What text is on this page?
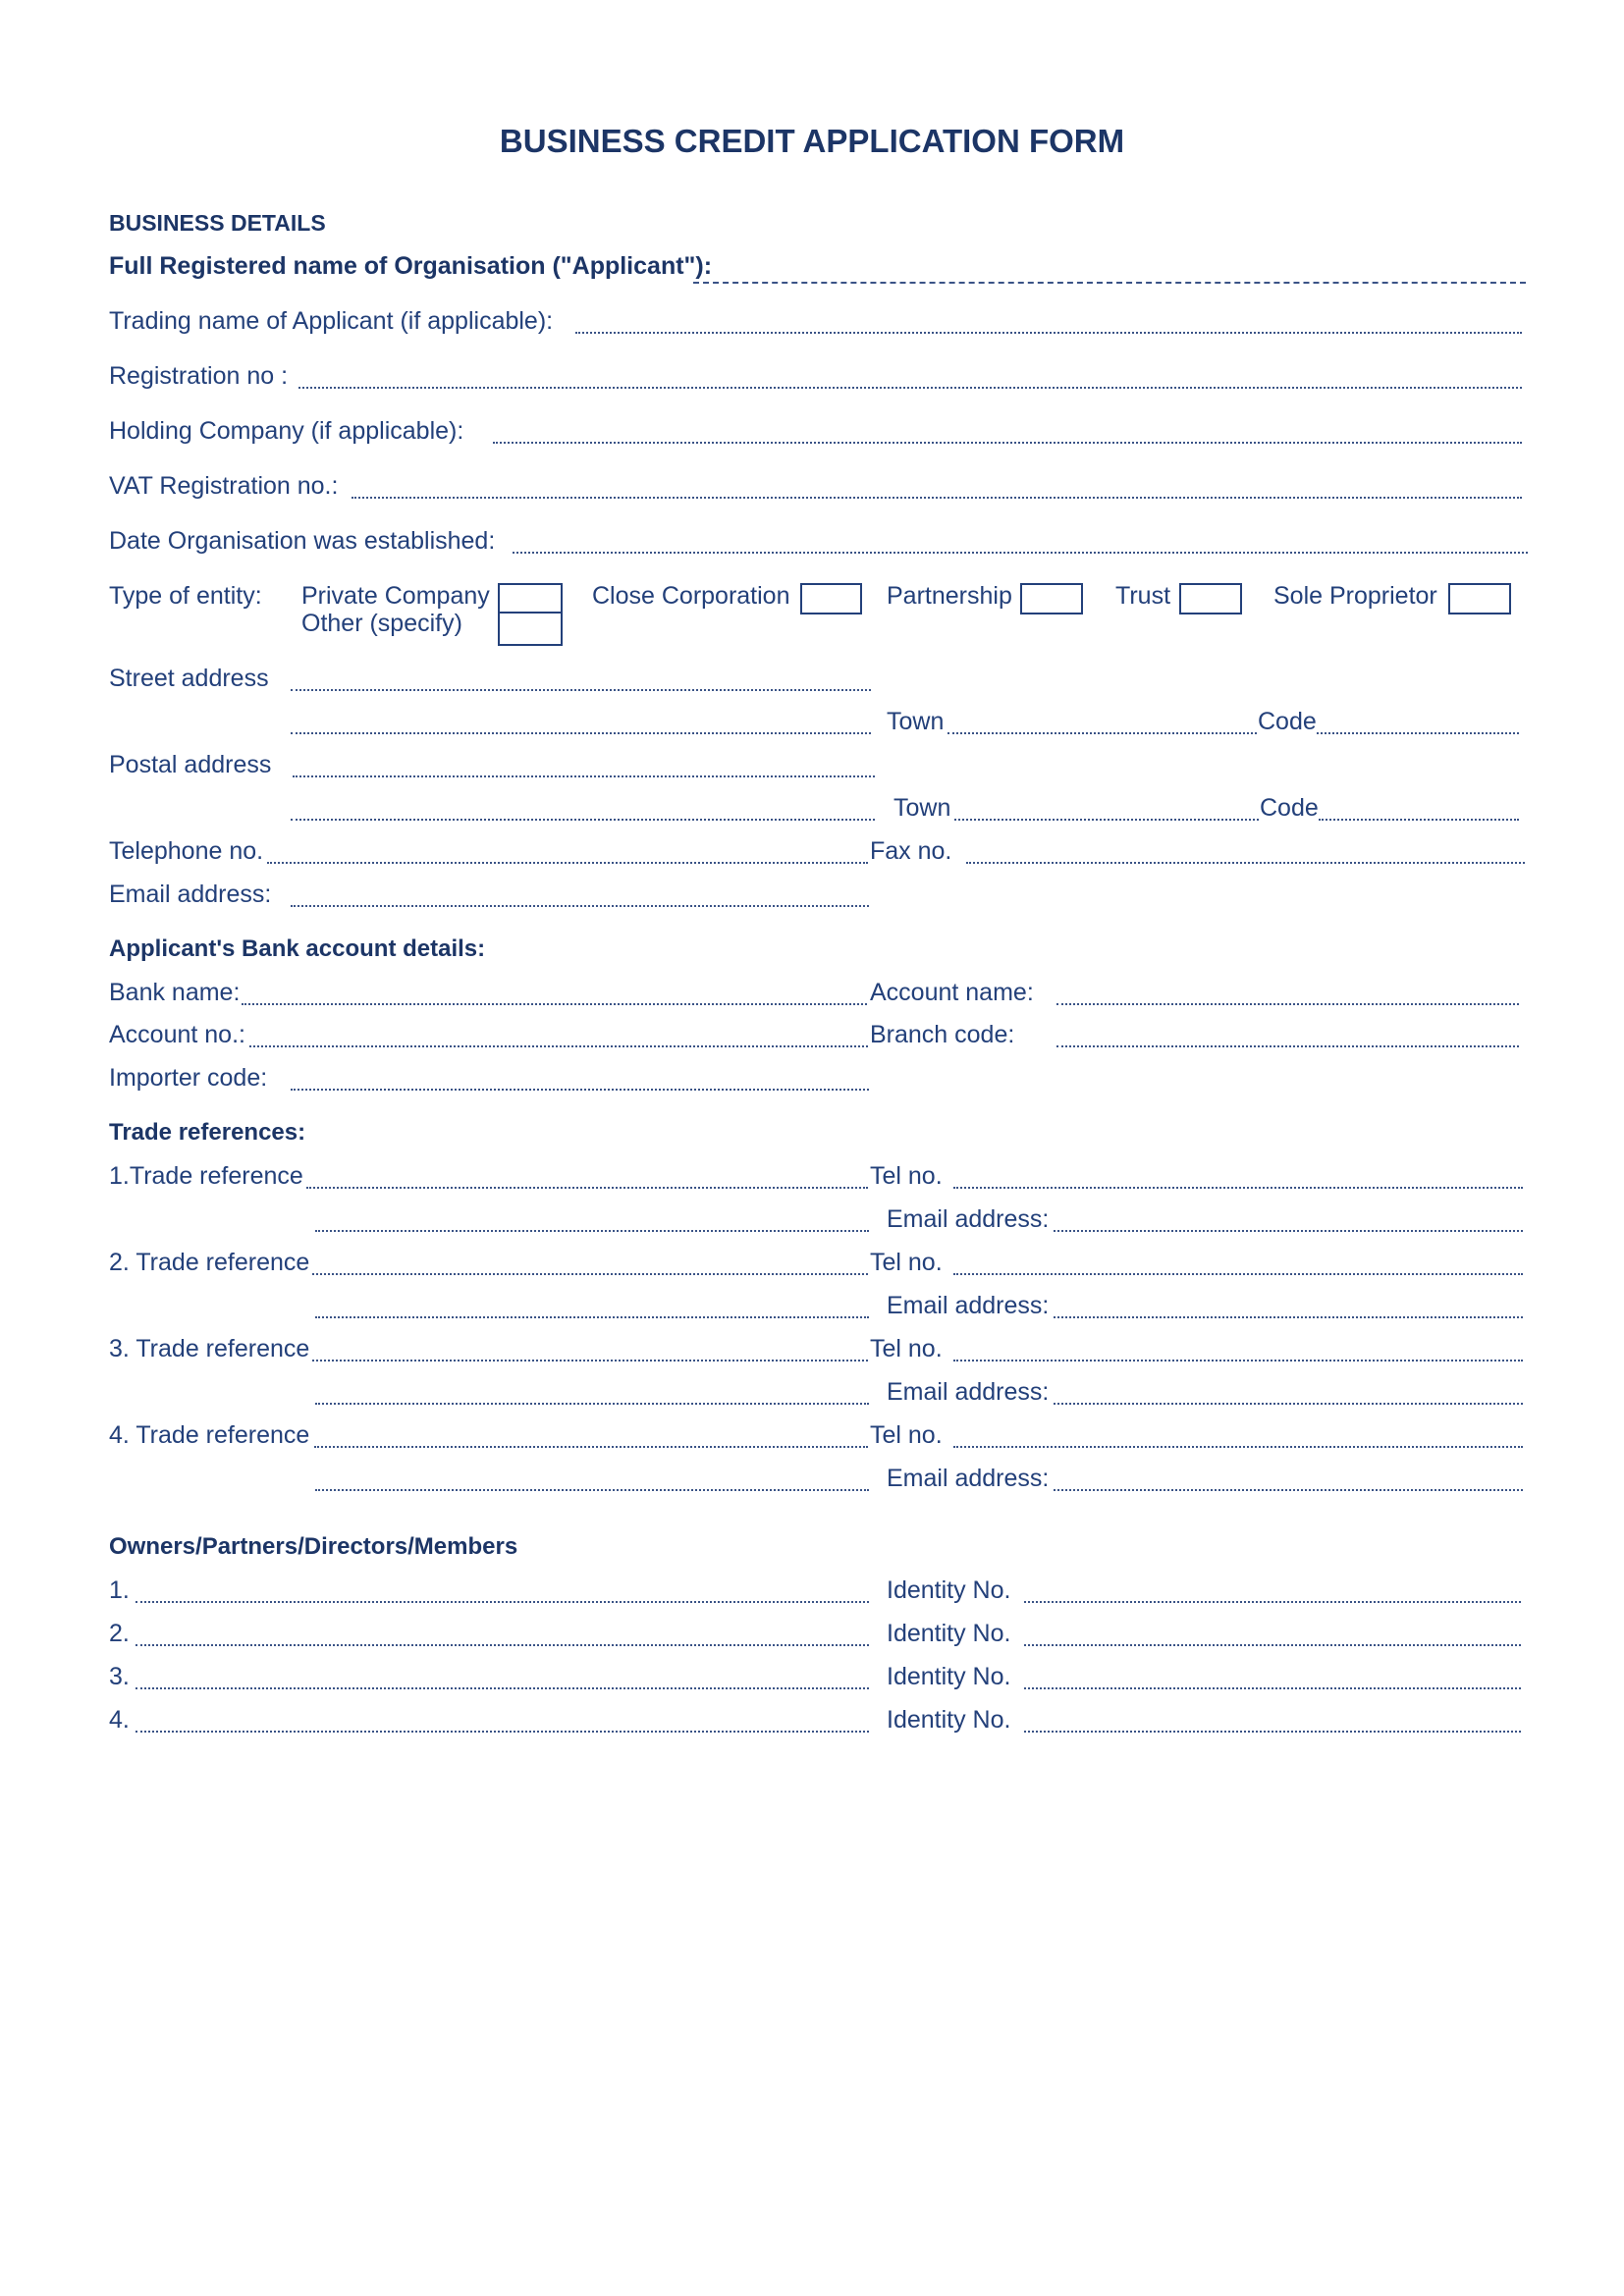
BUSINESS CREDIT APPLICATION FORM
BUSINESS DETAILS
Full Registered name of Organisation ("Applicant"):
Trading name of Applicant (if applicable):
Registration no :
Holding Company (if applicable):
VAT Registration no.:
Date Organisation was established:
Type of entity: Private Company
Other (specify)
Close Corporation	Partnership	Trust	Sole Proprietor
Street address
Town	Code
Postal address
Town	Code
Telephone no.	Fax no.
Email address:
Applicant's Bank account details:
Bank name:	Account name:
Account no.:	Branch code:
Importer code:
Trade references:
1.Trade reference	Tel no.
Email address:
2. Trade reference	Tel no.
Email address:
3. Trade reference	Tel no.
Email address:
4. Trade reference	Tel no.
Email address:
Owners/Partners/Directors/Members
1.	Identity No.
2.	Identity No.
3.	Identity No.
4.	Identity No.
